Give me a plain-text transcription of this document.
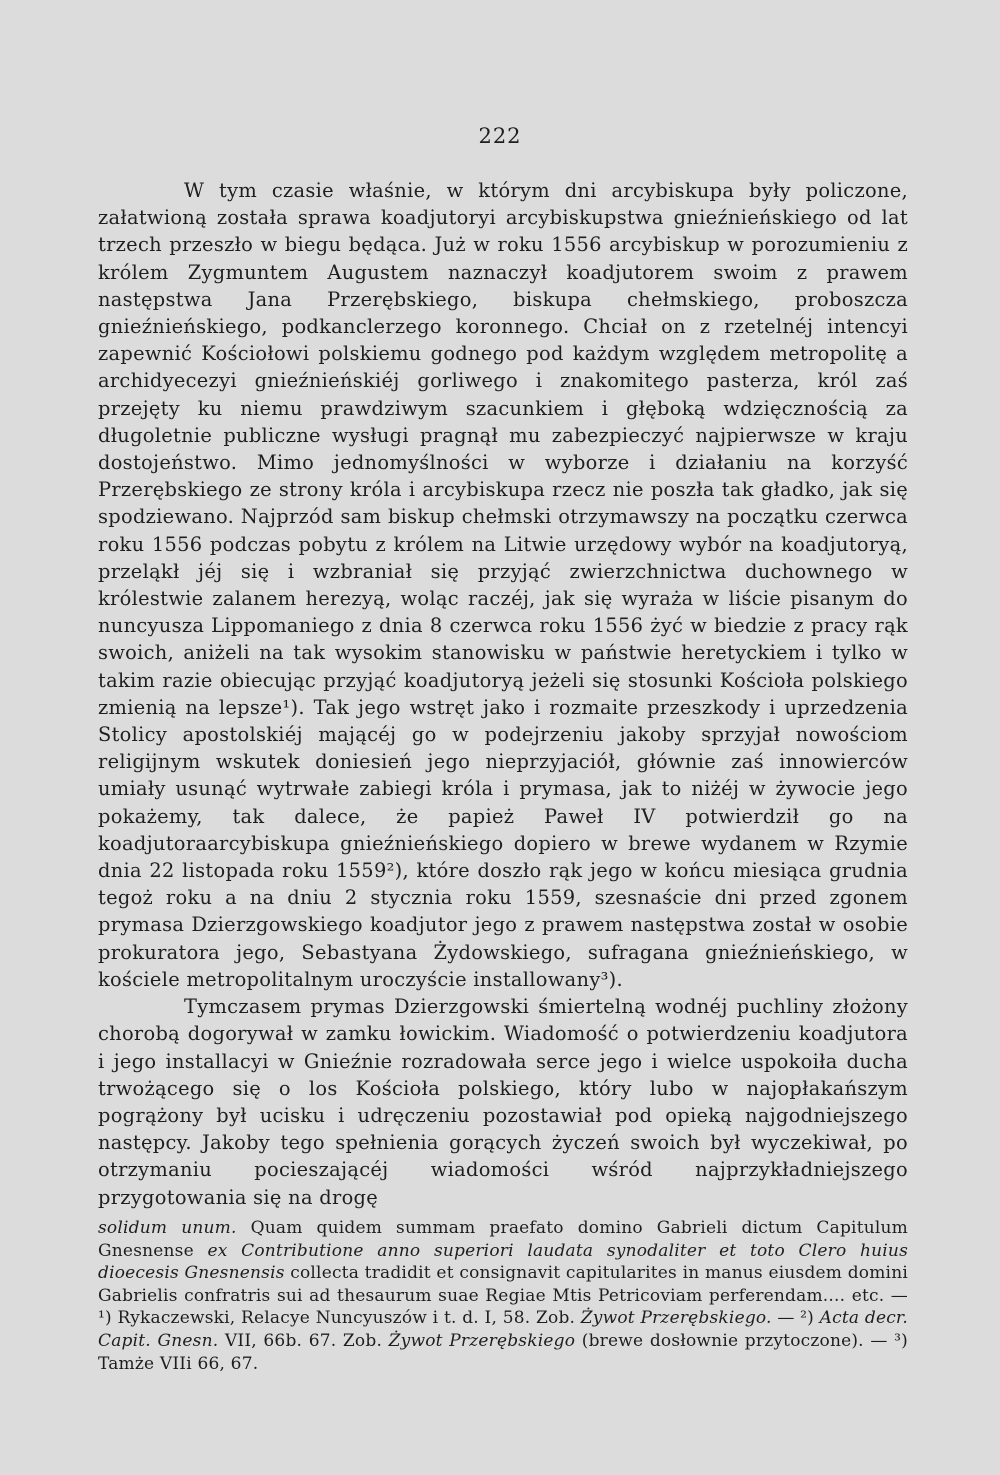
222

W tym czasie właśnie, w którym dni arcybiskupa były policzone, załatwioną została sprawa koadjutoryi arcybiskupstwa gnieźnieńskiego od lat trzech przeszło w biegu będąca. Już w roku 1556 arcybiskup w porozumieniu z królem Zygmuntem Augustem naznaczył koadjutorem swoim z prawem następstwa Jana Przerębskiego, biskupa chełmskiego, proboszcza gnieźnieńskiego, podkanclerzego koronnego. Chciał on z rzetelnéj intencyi zapewnić Kościołowi polskiemu godnego pod każdym względem metropolitę a archidyecezyi gnieźnieńskiéj gorliwego i znakomitego pasterza, król zaś przejęty ku niemu prawdziwym szacunkiem i głęboką wdzięcznością za długoletnie publiczne wysługi pragnął mu zabezpieczyć najpierwsze w kraju dostojeństwo. Mimo jednomyślności w wyborze i działaniu na korzyść Przerębskiego ze strony króla i arcybiskupa rzecz nie poszła tak gładko, jak się spodziewano. Najprzód sam biskup chełmski otrzymawszy na początku czerwca roku 1556 podczas pobytu z królem na Litwie urzędowy wybór na koadjutoryą, przeląkł jéj się i wzbraniał się przyjąć zwierzchnictwa duchownego w królestwie zalanem herezyą, woląc raczéj, jak się wyraża w liście pisanym do nuncyusza Lippomaniego z dnia 8 czerwca roku 1556 żyć w biedzie z pracy rąk swoich, aniżeli na tak wysokim stanowisku w państwie heretyckiem i tylko w takim razie obiecując przyjąć koadjutoryą jeżeli się stosunki Kościoła polskiego zmienią na lepsze¹). Tak jego wstręt jako i rozmaite przeszkody i uprzedzenia Stolicy apostolskiéj mającéj go w podejrzeniu jakoby sprzyjał nowościom religijnym wskutek doniesień jego nieprzyjaciół, głównie zaś innowierców umiały usunąć wytrwałe zabiegi króla i prymasa, jak to niżéj w żywocie jego pokażemy, tak dalece, że papież Paweł IV potwierdził go na koadjutoraarcybiskupa gnieźnieńskiego dopiero w brewe wydanem w Rzymie dnia 22 listopada roku 1559²), które doszło rąk jego w końcu miesiąca grudnia tegoż roku a na dniu 2 stycznia roku 1559, szesnaście dni przed zgonem prymasa Dzierzgowskiego koadjutor jego z prawem następstwa został w osobie prokuratora jego, Sebastyana Żydowskiego, sufragana gnieźnieńskiego, w kościele metropolitalnym uroczyście installowany³).

Tymczasem prymas Dzierzgowski śmiertelną wodnéj puchliny złożony chorobą dogorywał w zamku łowickim. Wiadomość o potwierdzeniu koadjutora i jego installacyi w Gnieźnie rozradowała serce jego i wielce uspokoiła ducha trwożącego się o los Kościoła polskiego, który lubo w najopłakańszym pogrążony był ucisku i udręczeniu pozostawiał pod opieką najgodniejszego następcy. Jakoby tego spełnienia gorących życzeń swoich był wyczekiwał, po otrzymaniu pocieszającéj wiadomości wśród najprzykładniejszego przygotowania się na drogę

solidum unum. Quam quidem summam praefato domino Gabrieli dictum Capitulum Gnesnense ex Contributione anno superiori laudata synodaliter et toto Clero huius dioecesis Gnesnensis collecta tradidit et consignavit capitularites in manus eiusdem domini Gabrielis confratris sui ad thesaurum suae Regiae Mtis Petricoviam perferendam.... etc. — ¹) Rykaczewski, Relacye Nuncyuszów i t. d. I, 58. Zob. Żywot Przerębskiego. — ²) Acta decr. Capit. Gnesn. VII, 66b. 67. Zob. Żywot Przerębskiego (brewe dosłownie przytoczone). — ³) Tamże VIIi 66, 67.
